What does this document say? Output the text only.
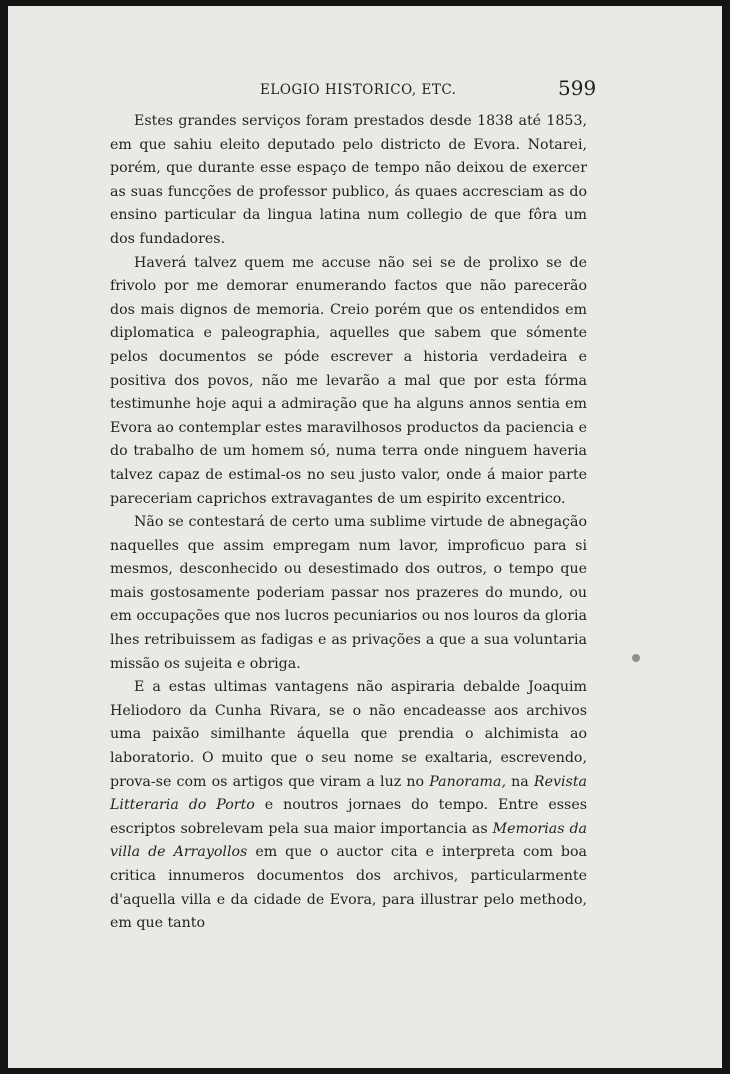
ELOGIO HISTORICO, ETC.	599

Estes grandes serviços foram prestados desde 1838 até 1853, em que sahiu eleito deputado pelo districto de Evora. Notarei, porém, que durante esse espaço de tempo não deixou de exercer as suas funcções de professor publico, ás quaes accresciam as do ensino particular da lingua latina num collegio de que fôra um dos fundadores.

Haverá talvez quem me accuse não sei se de prolixo se de frivolo por me demorar enumerando factos que não parecerão dos mais dignos de memoria. Creio porém que os entendidos em diplomatica e paleographia, aquelles que sabem que sómente pelos documentos se póde escrever a historia verdadeira e positiva dos povos, não me levarão a mal que por esta fórma testimunhe hoje aqui a admiração que ha alguns annos sentia em Evora ao contemplar estes maravilhosos productos da paciencia e do trabalho de um homem só, numa terra onde ninguem haveria talvez capaz de estimal-os no seu justo valor, onde á maior parte pareceriam caprichos extravagantes de um espirito excentrico.

Não se contestará de certo uma sublime virtude de abnegação naquelles que assim empregam num lavor, improficuo para si mesmos, desconhecido ou desestimado dos outros, o tempo que mais gostosamente poderiam passar nos prazeres do mundo, ou em occupações que nos lucros pecuniarios ou nos louros da gloria lhes retribuissem as fadigas e as privações a que a sua voluntaria missão os sujeita e obriga.

E a estas ultimas vantagens não aspiraria debalde Joaquim Heliodoro da Cunha Rivara, se o não encadeasse aos archivos uma paixão similhante áquella que prendia o alchimista ao laboratorio. O muito que o seu nome se exaltaria, escrevendo, prova-se com os artigos que viram a luz no Panorama, na Revista Litteraria do Porto e noutros jornaes do tempo. Entre esses escriptos sobrelevam pela sua maior importancia as Memorias da villa de Arrayollos em que o auctor cita e interpreta com boa critica innumeros documentos dos archivos, particularmente d'aquella villa e da cidade de Evora, para illustrar pelo methodo, em que tanto
